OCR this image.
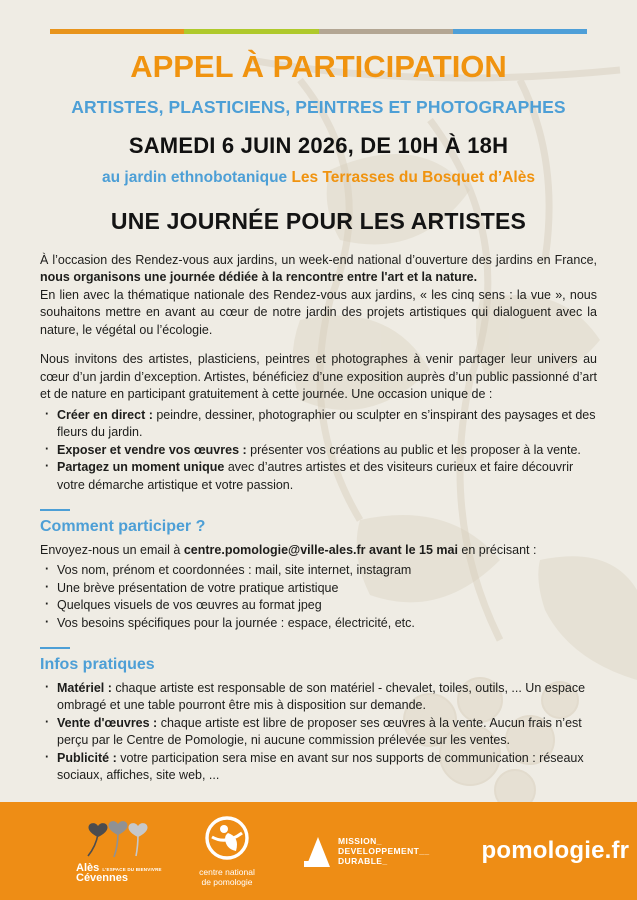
APPEL À PARTICIPATION
ARTISTES, PLASTICIENS, PEINTRES ET PHOTOGRAPHES
SAMEDI 6 JUIN 2026, DE 10H À 18H
au jardin ethnobotanique Les Terrasses du Bosquet d’Alès
UNE JOURNÉE POUR LES ARTISTES

À l’occasion des Rendez-vous aux jardins, un week-end national d’ouverture des jardins en France, nous organisons une journée dédiée à la rencontre entre l'art et la nature.
En lien avec la thématique nationale des Rendez-vous aux jardins, « les cinq sens : la vue », nous souhaitons mettre en avant au cœur de notre jardin des projets artistiques qui dialoguent avec la nature, le végétal ou l’écologie.

Nous invitons des artistes, plasticiens, peintres et photographes à venir partager leur univers au cœur d’un jardin d’exception. Artistes, bénéficiez d’une exposition auprès d’un public passionné d’art et de nature en participant gratuitement à cette journée. Une occasion unique de :

· Créer en direct : peindre, dessiner, photographier ou sculpter en s’inspirant des paysages et des fleurs du jardin.
· Exposer et vendre vos œuvres : présenter vos créations au public et les proposer à la vente.
· Partagez un moment unique avec d’autres artistes et des visiteurs curieux et faire découvrir votre démarche artistique et votre passion.
Comment participer ?

Envoyez-nous un email à centre.pomologie@ville-ales.fr avant le 15 mai en précisant :

· Vos nom, prénom et coordonnées : mail, site internet, instagram
· Une brève présentation de votre pratique artistique
· Quelques visuels de vos œuvres au format jpeg
· Vos besoins spécifiques pour la journée : espace, électricité, etc.
Infos pratiques
· Matériel : chaque artiste est responsable de son matériel - chevalet, toiles, outils, ... Un espace ombragé et une table pourront être mis à disposition sur demande.
· Vente d'œuvres : chaque artiste est libre de proposer ses œuvres à la vente. Aucun frais n’est perçu par le Centre de Pomologie, ni aucune commission prélevée sur les ventes.
· Publicité : votre participation sera mise en avant sur nos supports de communication : réseaux sociaux, affiches, site web, ...
Alès L'ESPACE DU BIENVIVRE
Cévennes	centre national
de pomologie
MISSION_
DEVELOPPEMENT__
DURABLE_	pomologie.fr
